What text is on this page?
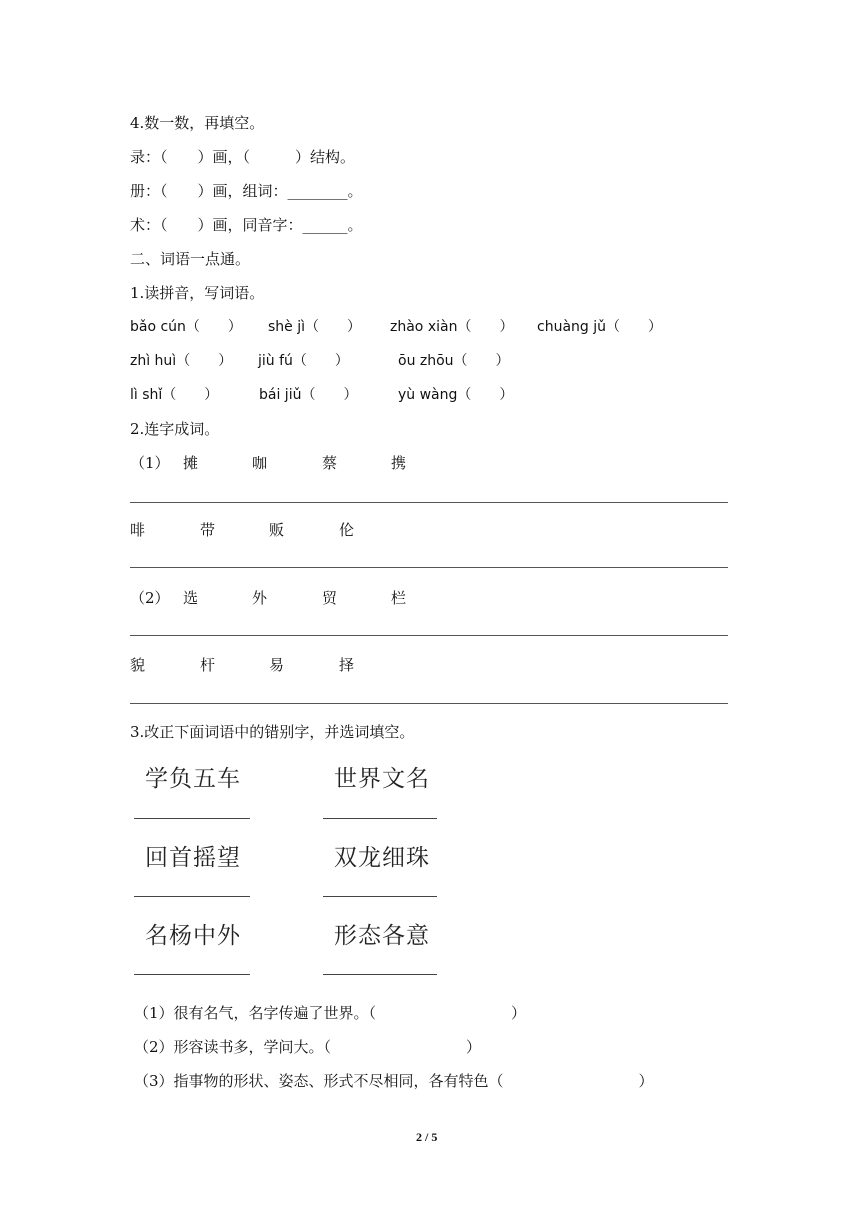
4.数一数，再填空。
录：（　　）画，（　　　）结构。
册：（　　）画，组词：________。
术：（　　）画，同音字：______。
二、词语一点通。
1.读拼音，写词语。
bǎo cún（　　） shè jì（　　） zhào xiàn（　　） chuàng jǔ（　　）
zhì huì（　　） jiù fú（　　）	ōu zhōu（　　）
lì shǐ（　　）	bái jiǔ（　　）	yù wàng（　　）
2.连字成词。
（1） 摊	咖	蔡	携
啡	带	贩	伦
（2） 选	外	贸	栏
貌	杆	易	择
3.改正下面词语中的错别字，并选词填空。
学负五车	世界文名
回首摇望	双龙细珠
名杨中外	形态各意
（1）很有名气，名字传遍了世界。（　　　　　　　　　）
（2）形容读书多，学问大。（　　　　　　　　　）
（3）指事物的形状、姿态、形式不尽相同，各有特色（　　　　　　　　　）
2 / 5
